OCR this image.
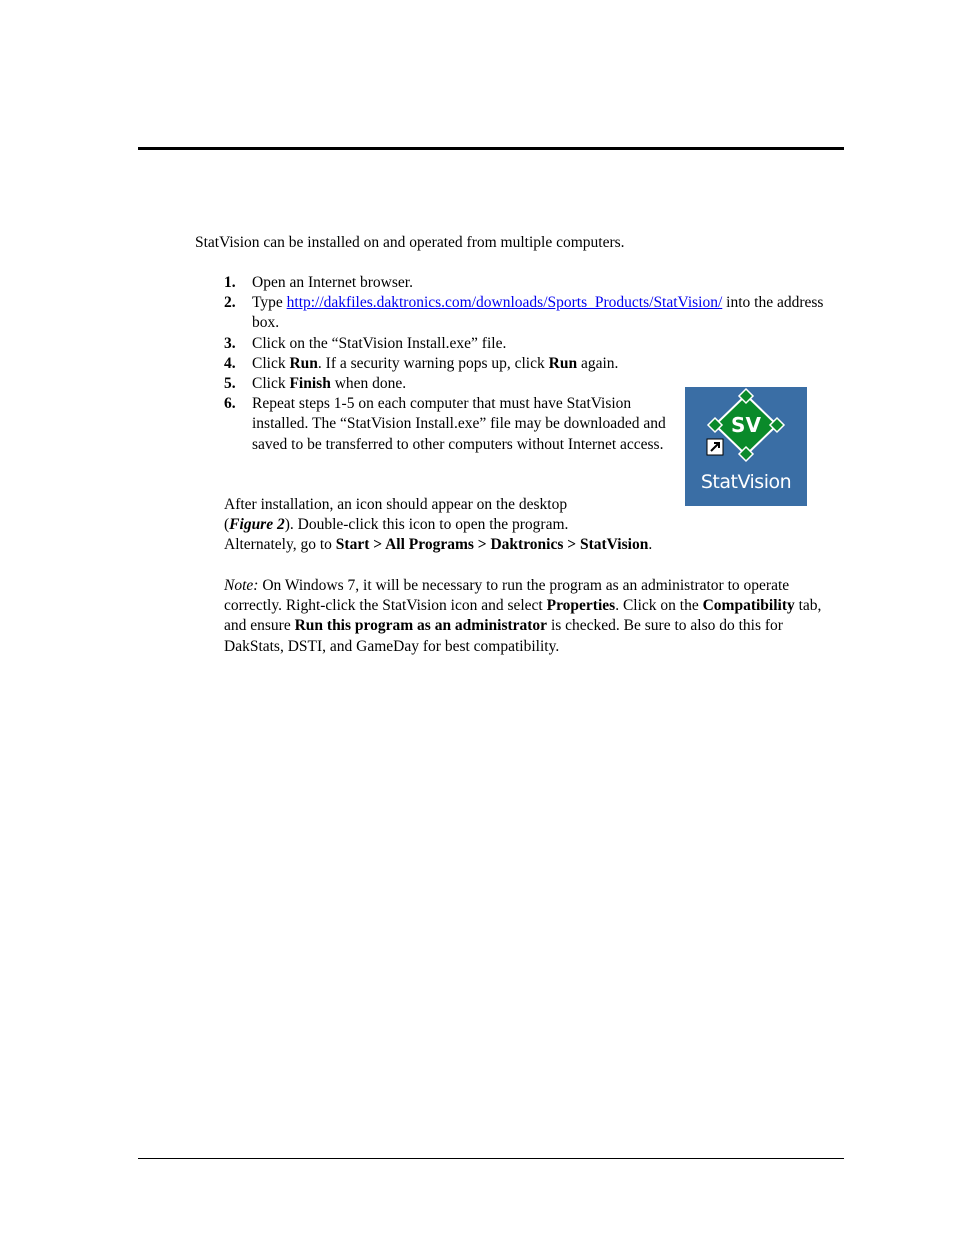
StatVision can be installed on and operated from multiple computers.
1. Open an Internet browser.
2. Type http://dakfiles.daktronics.com/downloads/Sports_Products/StatVision/ into the address box.
3. Click on the “StatVision Install.exe” file.
4. Click Run. If a security warning pops up, click Run again.
5. Click Finish when done.
6. Repeat steps 1-5 on each computer that must have StatVision installed. The “StatVision Install.exe” file may be downloaded and saved to be transferred to other computers without Internet access.
SV
StatVision
After installation, an icon should appear on the desktop
(Figure 2). Double-click this icon to open the program.
Alternately, go to Start > All Programs > Daktronics > StatVision.
Note: On Windows 7, it will be necessary to run the program as an administrator to operate correctly. Right-click the StatVision icon and select Properties. Click on the Compatibility tab, and ensure Run this program as an administrator is checked. Be sure to also do this for DakStats, DSTI, and GameDay for best compatibility.
